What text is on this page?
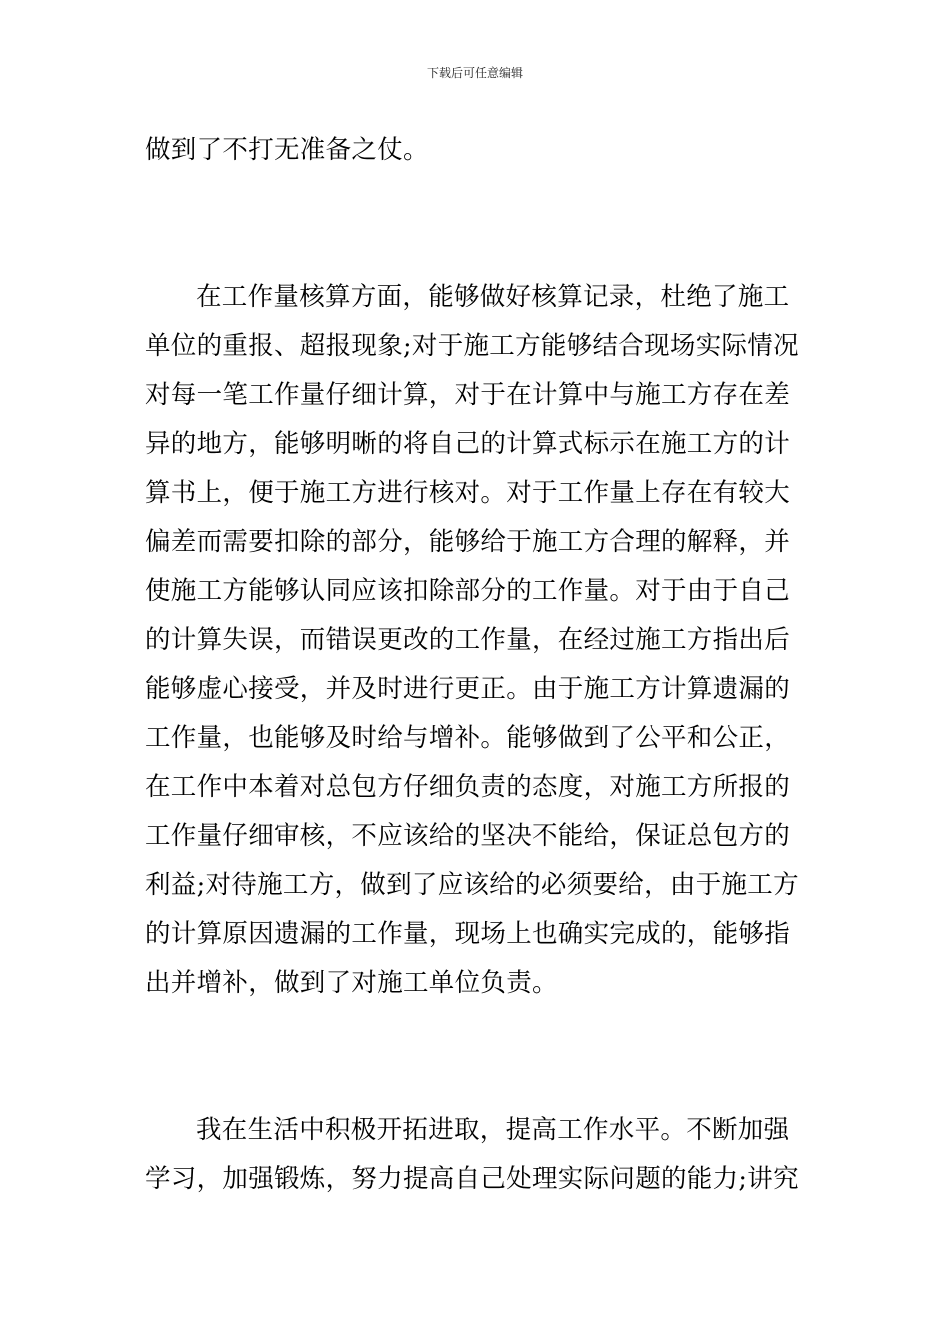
下载后可任意编辑
做到了不打无准备之仗。
在工作量核算方面，能够做好核算记录，杜绝了施工
单位的重报、超报现象;对于施工方能够结合现场实际情况
对每一笔工作量仔细计算，对于在计算中与施工方存在差
异的地方，能够明晰的将自己的计算式标示在施工方的计
算书上，便于施工方进行核对。对于工作量上存在有较大
偏差而需要扣除的部分，能够给于施工方合理的解释，并
使施工方能够认同应该扣除部分的工作量。对于由于自己
的计算失误，而错误更改的工作量，在经过施工方指出后
能够虚心接受，并及时进行更正。由于施工方计算遗漏的
工作量，也能够及时给与增补。能够做到了公平和公正，
在工作中本着对总包方仔细负责的态度，对施工方所报的
工作量仔细审核，不应该给的坚决不能给，保证总包方的
利益;对待施工方，做到了应该给的必须要给，由于施工方
的计算原因遗漏的工作量，现场上也确实完成的，能够指
出并增补，做到了对施工单位负责。
我在生活中积极开拓进取，提高工作水平。不断加强
学习，加强锻炼，努力提高自己处理实际问题的能力;讲究
